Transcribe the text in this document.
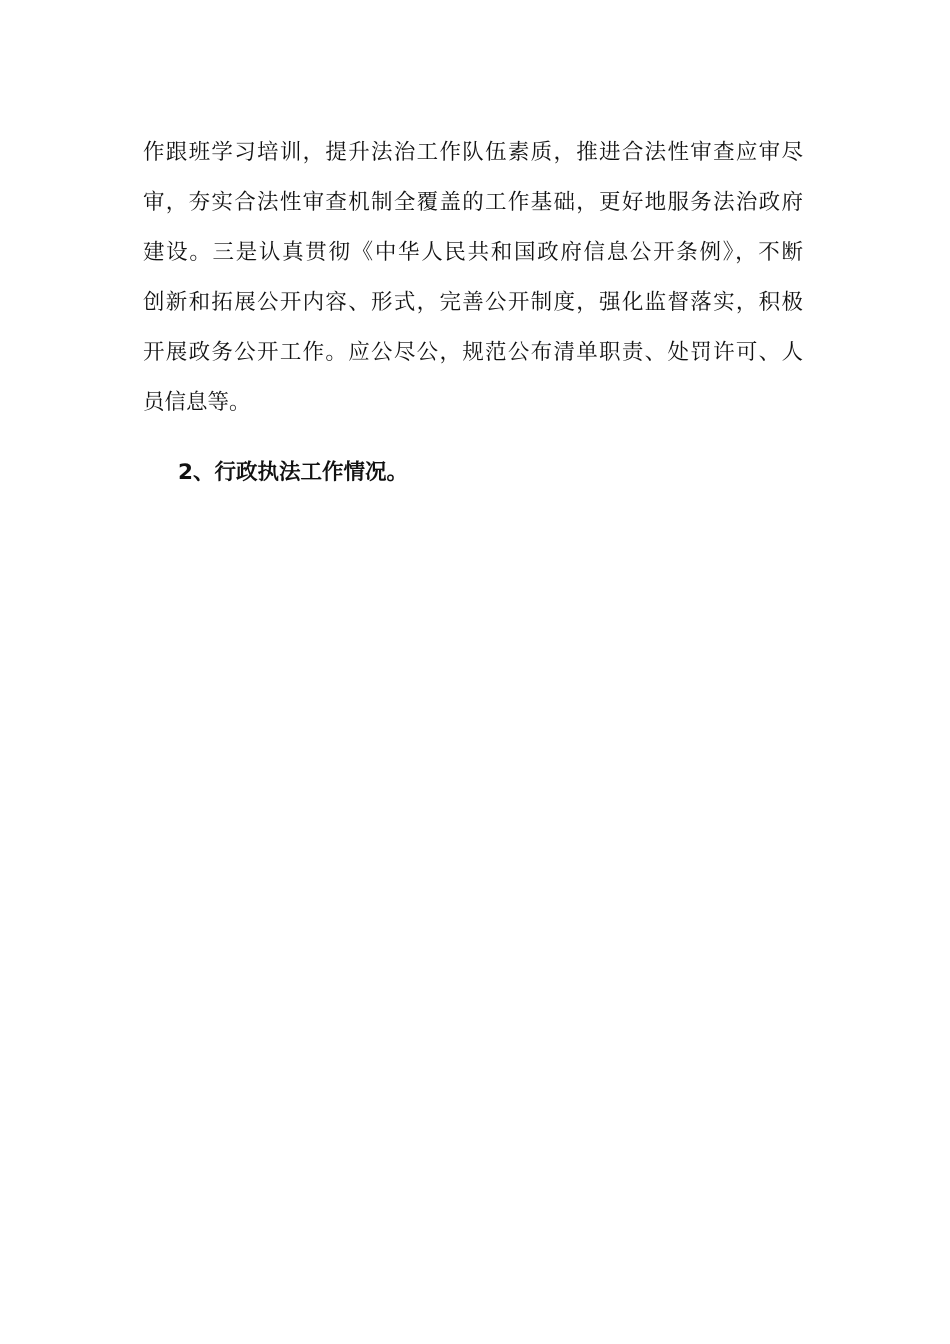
作跟班学习培训，提升法治工作队伍素质，推进合法性审查应审尽
审，夯实合法性审查机制全覆盖的工作基础，更好地服务法治政府
建设。三是认真贯彻《中华人民共和国政府信息公开条例》，不断
创新和拓展公开内容、形式，完善公开制度，强化监督落实，积极
开展政务公开工作。应公尽公，规范公布清单职责、处罚许可、人
员信息等。
2、行政执法工作情况。
